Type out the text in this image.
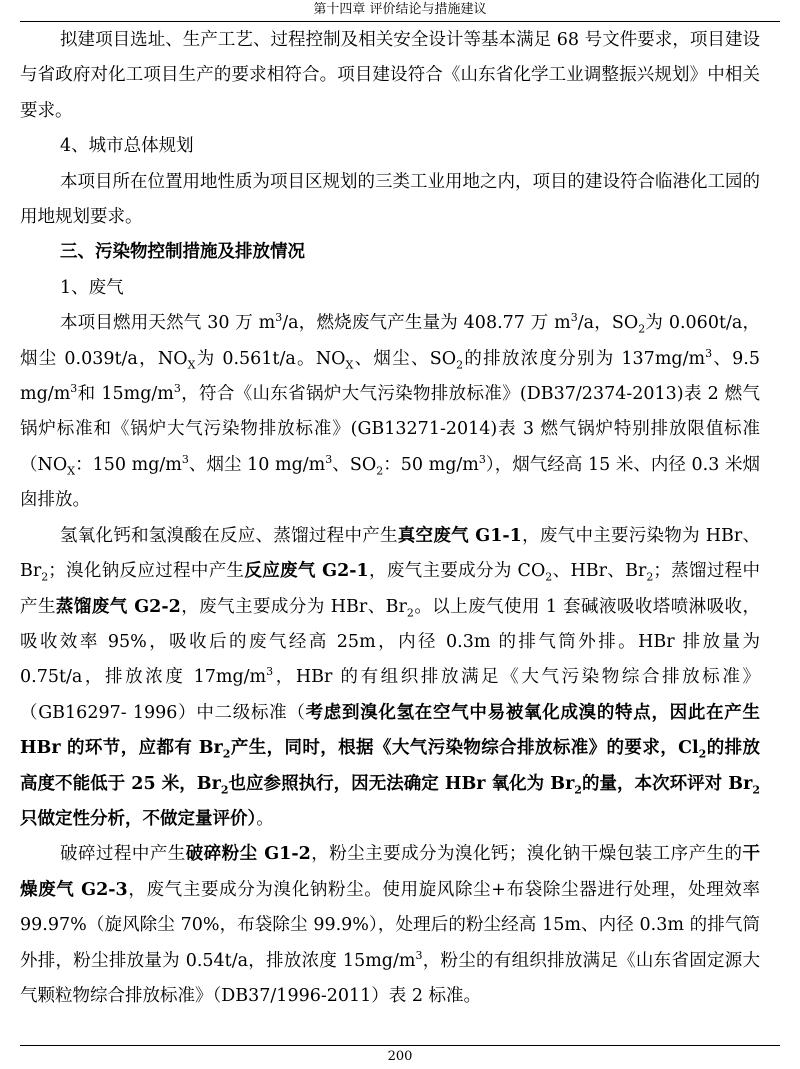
第十四章 评价结论与措施建议

拟建项目选址、生产工艺、过程控制及相关安全设计等基本满足 68 号文件要求，项目建设与省政府对化工项目生产的要求相符合。项目建设符合《山东省化学工业调整振兴规划》中相关要求。

4、城市总体规划

本项目所在位置用地性质为项目区规划的三类工业用地之内，项目的建设符合临港化工园的用地规划要求。

三、污染物控制措施及排放情况

1、废气

本项目燃用天然气 30 万 $m^3/a$，燃烧废气产生量为 408.77 万 $m^3/a$，$SO_2$为 0.060t/a，烟尘 0.039t/a，$NO_X$为 0.561t/a。$NO_X$、烟尘、$SO_2$的排放浓度分别为 $137mg/m^3$、9.5 $mg/m^3$和 $15mg/m^3$，符合《山东省锅炉大气污染物排放标准》(DB37/2374-2013)表 2 燃气锅炉标准和《锅炉大气污染物排放标准》(GB13271-2014)表 3 燃气锅炉特别排放限值标准（$NO_X$：150 $mg/m^3$、烟尘 10 $mg/m^3$、$SO_2$：50 $mg/m^3$），烟气经高 15 米、内径 0.3 米烟囱排放。

氢氧化钙和氢溴酸在反应、蒸馏过程中产生真空废气 G1-1，废气中主要污染物为 HBr、 $Br_2$；溴化钠反应过程中产生反应废气 G2-1，废气主要成分为 $CO_2$、HBr、$Br_2$；蒸馏过程中产生蒸馏废气 G2-2，废气主要成分为 HBr、$Br_2$。以上废气使用 1 套碱液吸收塔喷淋吸收，吸收效率 95%，吸收后的废气经高 25m，内径 0.3m 的排气筒外排。HBr 排放量为 0.75t/a，排放浓度 $17mg/m^3$，HBr 的有组织排放满足《大气污染物综合排放标准》（GB16297- 1996）中二级标准（考虑到溴化氢在空气中易被氧化成溴的特点，因此在产生 HBr 的环节，应都有 $Br_2$产生，同时，根据《大气污染物综合排放标准》的要求，$Cl_2$的排放高度不能低于 25 米，$Br_2$也应参照执行，因无法确定 HBr 氧化为 $Br_2$的量，本次环评对 $Br_2$只做定性分析，不做定量评价）。

破碎过程中产生破碎粉尘 G1-2，粉尘主要成分为溴化钙；溴化钠干燥包装工序产生的干燥废气 G2-3，废气主要成分为溴化钠粉尘。使用旋风除尘+布袋除尘器进行处理，处理效率 99.97%（旋风除尘 70%，布袋除尘 99.9%），处理后的粉尘经高 15m、内径 0.3m 的排气筒外排，粉尘排放量为 0.54t/a，排放浓度 $15mg/m^3$，粉尘的有组织排放满足《山东省固定源大气颗粒物综合排放标准》（DB37/1996-2011）表 2 标准。

200
